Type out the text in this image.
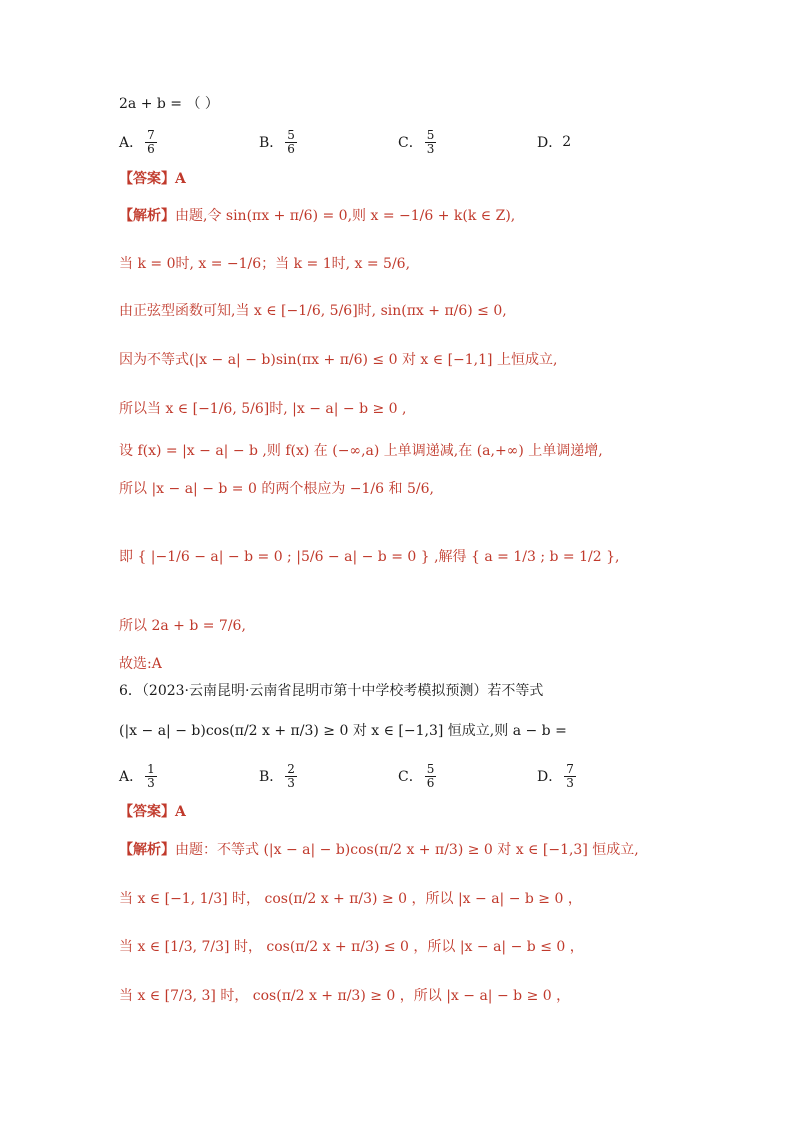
2a + b = （ ）
A． $\frac{7}{6}$	B． $\frac{5}{6}$	C． $\frac{5}{3}$	D． 2
【答案】A
【解析】由题,令 sin(πx + π/6) = 0,则 x = −1/6 + k(k ∈ Z),
当 k = 0时, x = −1/6；当 k = 1时, x = 5/6,
由正弦型函数可知,当 x ∈ [−1/6, 5/6]时, sin(πx + π/6) ≤ 0,
因为不等式(|x − a| − b)sin(πx + π/6) ≤ 0 对 x ∈ [−1,1] 上恒成立,
所以当 x ∈ [−1/6, 5/6]时, |x − a| − b ≥ 0 ,
设 f(x) = |x − a| − b ,则 f(x) 在 (−∞,a) 上单调递减,在 (a,+∞) 上单调递增,
所以 |x − a| − b = 0 的两个根应为 −1/6 和 5/6,
即 { |−1/6 − a| − b = 0 ; |5/6 − a| − b = 0 } ,解得 { a = 1/3 ; b = 1/2 },
所以 2a + b = 7/6,
故选:A
6．（2023·云南昆明·云南省昆明市第十中学校考模拟预测）若不等式
(|x − a| − b)cos(π/2 x + π/3) ≥ 0 对 x ∈ [−1,3] 恒成立,则 a − b =
A． $\frac{1}{3}$	B． $\frac{2}{3}$	C． $\frac{5}{6}$	D． $\frac{7}{3}$
【答案】A
【解析】由题：不等式 (|x − a| − b)cos(π/2 x + π/3) ≥ 0 对 x ∈ [−1,3] 恒成立,
当 x ∈ [−1, 1/3] 时， cos(π/2 x + π/3) ≥ 0 ，所以 |x − a| − b ≥ 0 ，
当 x ∈ [1/3, 7/3] 时， cos(π/2 x + π/3) ≤ 0 ，所以 |x − a| − b ≤ 0 ，
当 x ∈ [7/3, 3] 时， cos(π/2 x + π/3) ≥ 0 ，所以 |x − a| − b ≥ 0 ，
